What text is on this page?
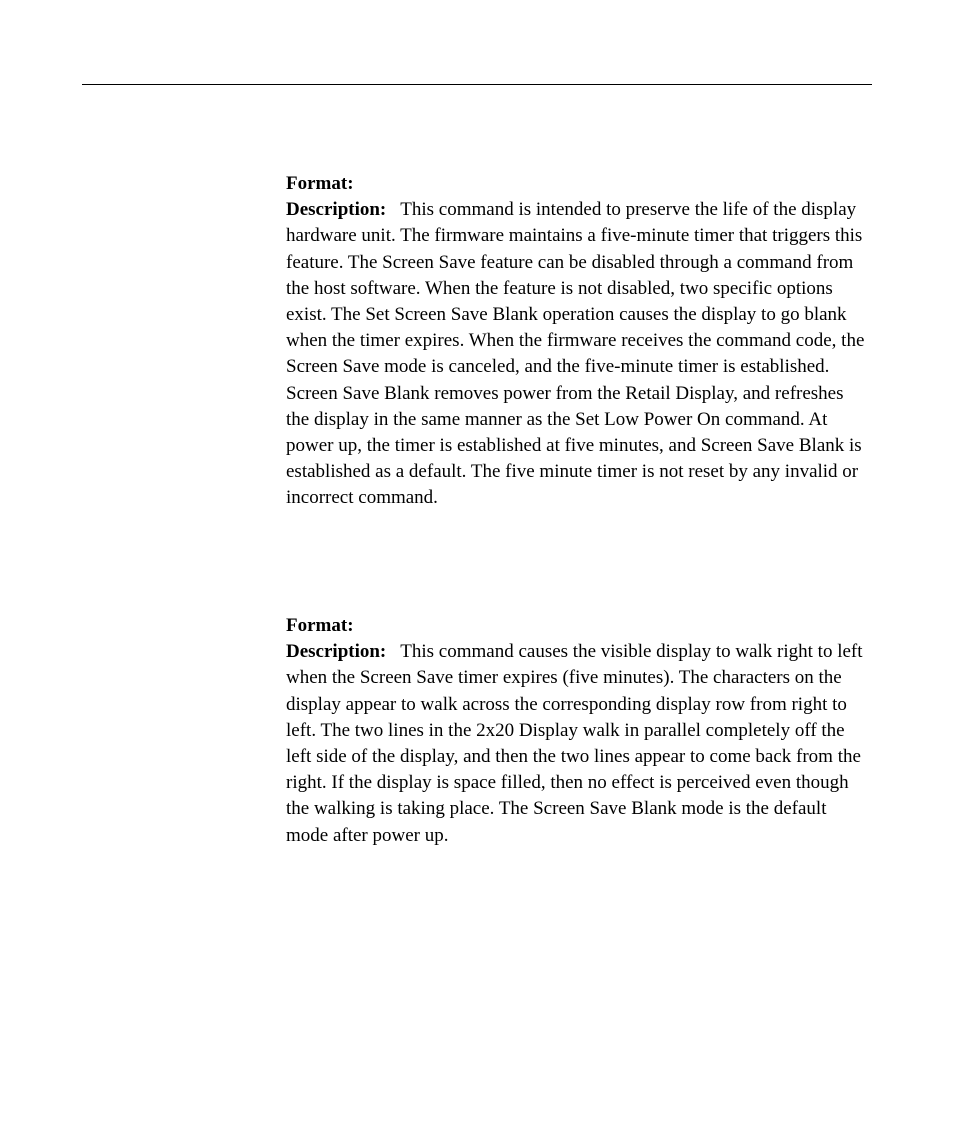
Format:

Description: This command is intended to preserve the life of the display hardware unit. The firmware maintains a five-minute timer that triggers this feature. The Screen Save feature can be disabled through a command from the host software. When the feature is not disabled, two specific options exist. The Set Screen Save Blank operation causes the display to go blank when the timer expires. When the firmware receives the command code, the Screen Save mode is canceled, and the five-minute timer is established. Screen Save Blank removes power from the Retail Display, and refreshes the display in the same manner as the Set Low Power On command. At power up, the timer is established at five minutes, and Screen Save Blank is established as a default. The five minute timer is not reset by any invalid or incorrect command.

Format:

Description: This command causes the visible display to walk right to left when the Screen Save timer expires (five minutes). The characters on the display appear to walk across the corresponding display row from right to left. The two lines in the 2x20 Display walk in parallel completely off the left side of the display, and then the two lines appear to come back from the right. If the display is space filled, then no effect is perceived even though the walking is taking place. The Screen Save Blank mode is the default mode after power up.
